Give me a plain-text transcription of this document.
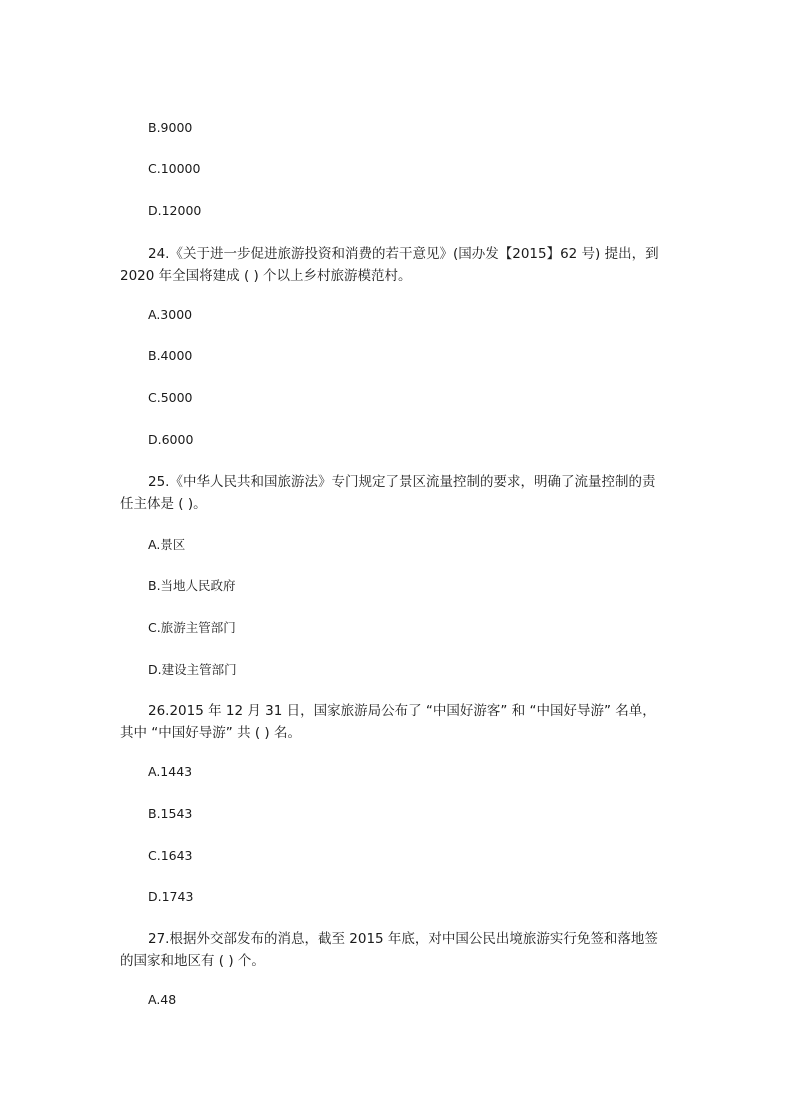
B.9000
C.10000
D.12000
24.《关于进一步促进旅游投资和消费的若干意见》(国办发【2015】62 号) 提出，到
2020 年全国将建成 ( ) 个以上乡村旅游模范村。
A.3000
B.4000
C.5000
D.6000
25.《中华人民共和国旅游法》专门规定了景区流量控制的要求，明确了流量控制的责
任主体是 ( )。
A.景区
B.当地人民政府
C.旅游主管部门
D.建设主管部门
26.2015 年 12 月 31 日，国家旅游局公布了 “中国好游客” 和 “中国好导游” 名单，
其中 “中国好导游” 共 ( ) 名。
A.1443
B.1543
C.1643
D.1743
27.根据外交部发布的消息，截至 2015 年底，对中国公民出境旅游实行免签和落地签
的国家和地区有 ( ) 个。
A.48
